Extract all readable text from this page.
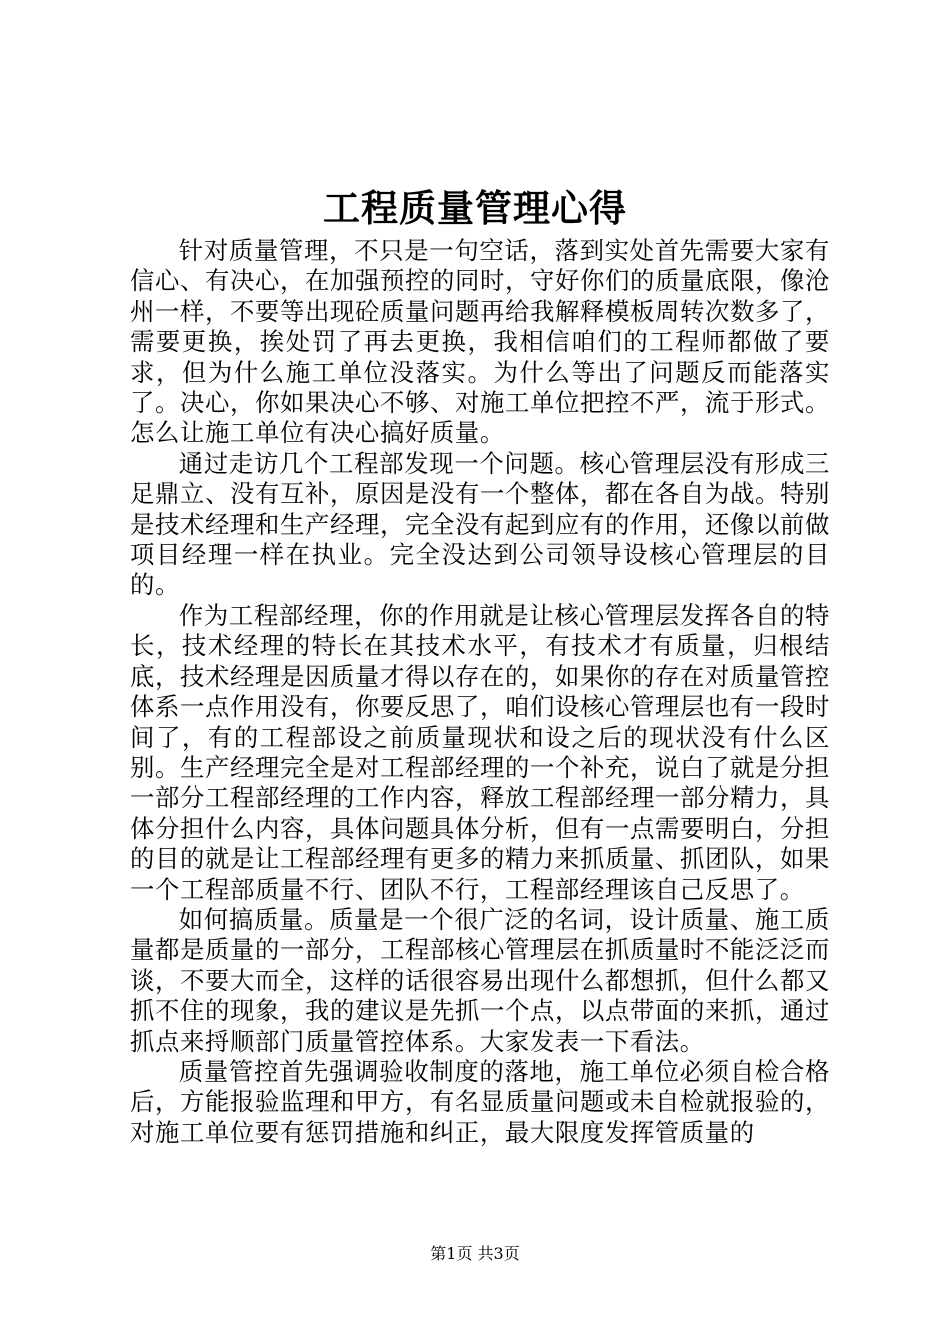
工程质量管理心得

针对质量管理，不只是一句空话，落到实处首先需要大家有信心、有决心，在加强预控的同时，守好你们的质量底限，像沧州一样，不要等出现砼质量问题再给我解释模板周转次数多了，需要更换，挨处罚了再去更换，我相信咱们的工程师都做了要求，但为什么施工单位没落实。为什么等出了问题反而能落实了。决心，你如果决心不够、对施工单位把控不严，流于形式。怎么让施工单位有决心搞好质量。

通过走访几个工程部发现一个问题。核心管理层没有形成三足鼎立、没有互补，原因是没有一个整体，都在各自为战。特别是技术经理和生产经理，完全没有起到应有的作用，还像以前做项目经理一样在执业。完全没达到公司领导设核心管理层的目的。

作为工程部经理，你的作用就是让核心管理层发挥各自的特长，技术经理的特长在其技术水平，有技术才有质量，归根结底，技术经理是因质量才得以存在的，如果你的存在对质量管控体系一点作用没有，你要反思了，咱们设核心管理层也有一段时间了，有的工程部设之前质量现状和设之后的现状没有什么区别。生产经理完全是对工程部经理的一个补充，说白了就是分担一部分工程部经理的工作内容，释放工程部经理一部分精力，具体分担什么内容，具体问题具体分析，但有一点需要明白，分担的目的就是让工程部经理有更多的精力来抓质量、抓团队，如果一个工程部质量不行、团队不行，工程部经理该自己反思了。

如何搞质量。质量是一个很广泛的名词，设计质量、施工质量都是质量的一部分，工程部核心管理层在抓质量时不能泛泛而谈，不要大而全，这样的话很容易出现什么都想抓，但什么都又抓不住的现象，我的建议是先抓一个点，以点带面的来抓，通过抓点来捋顺部门质量管控体系。大家发表一下看法。

质量管控首先强调验收制度的落地，施工单位必须自检合格后，方能报验监理和甲方，有名显质量问题或未自检就报验的，对施工单位要有惩罚措施和纠正，最大限度发挥管质量的

第1页 共3页
